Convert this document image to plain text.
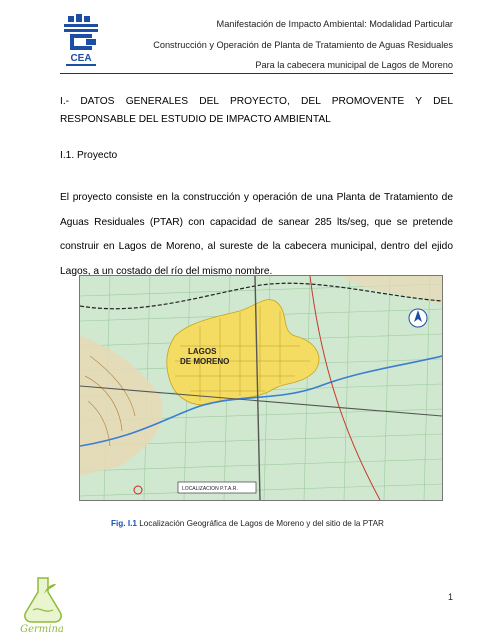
CEA
Manifestación de Impacto Ambiental: Modalidad Particular
Construcción y Operación de Planta de Tratamiento de Aguas Residuales
Para la cabecera municipal de Lagos de Moreno
I.- DATOS GENERALES DEL PROYECTO, DEL PROMOVENTE Y DEL RESPONSABLE DEL ESTUDIO DE IMPACTO AMBIENTAL
I.1. Proyecto
El proyecto consiste en la construcción y operación de una Planta de Tratamiento de Aguas Residuales (PTAR) con capacidad de sanear 285 lts/seg, que se pretende construir en Lagos de Moreno, al sureste de la cabecera municipal, dentro del ejido Lagos, a un costado del río del mismo nombre.
LAGOS
DE MORENO
LOCALIZACION P.T.A.R.
Fig. I.1 Localización Geográfica de Lagos de Moreno y del sitio de la PTAR
1
Germina
